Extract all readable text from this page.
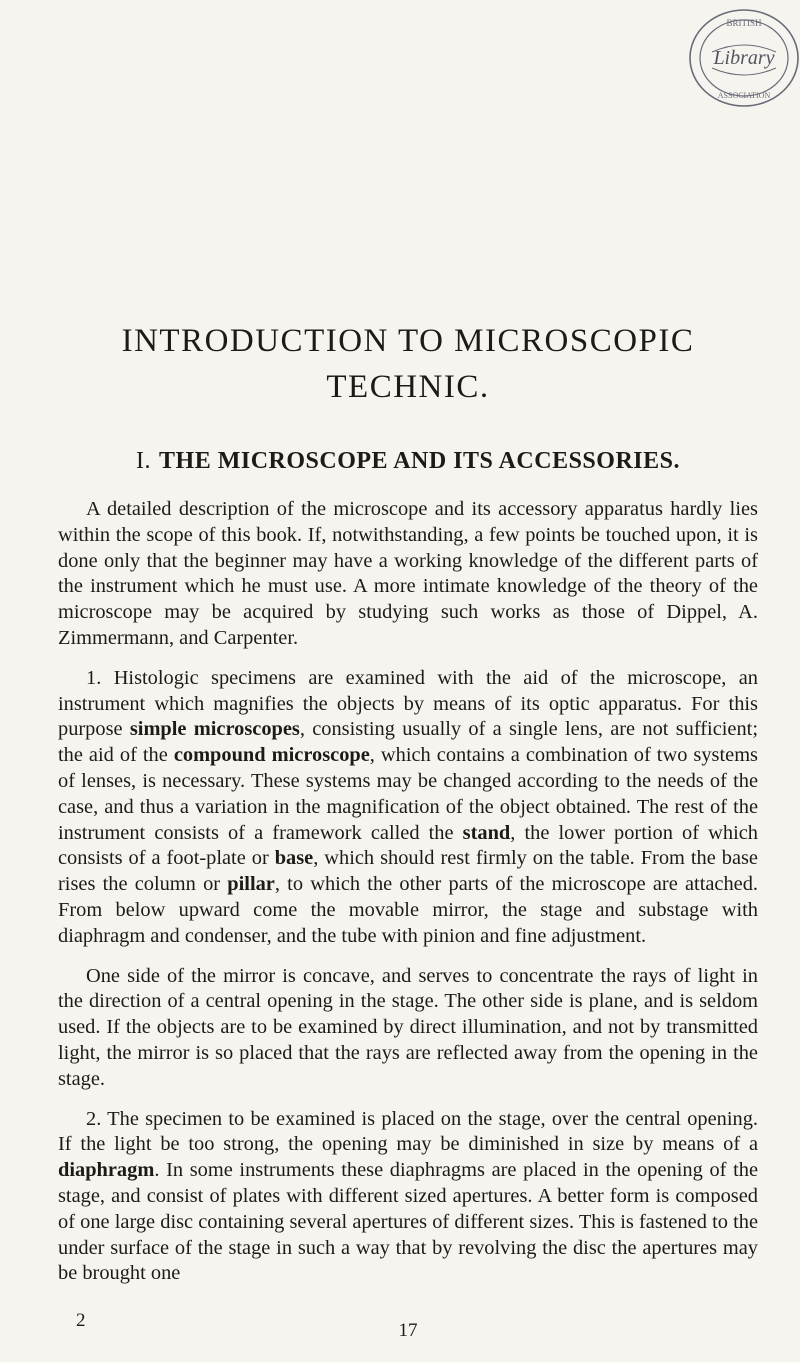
Library
BRITISH
ASSOCIATION
INTRODUCTION TO MICROSCOPIC
TECHNIC.
I. THE MICROSCOPE AND ITS ACCESSORIES.

A detailed description of the microscope and its accessory apparatus hardly lies within the scope of this book. If, notwithstanding, a few points be touched upon, it is done only that the beginner may have a working knowledge of the different parts of the instrument which he must use. A more intimate knowledge of the theory of the microscope may be acquired by studying such works as those of Dippel, A. Zimmermann, and Carpenter.

1. Histologic specimens are examined with the aid of the microscope, an instrument which magnifies the objects by means of its optic apparatus. For this purpose simple microscopes, consisting usually of a single lens, are not sufficient; the aid of the compound microscope, which contains a combination of two systems of lenses, is necessary. These systems may be changed according to the needs of the case, and thus a variation in the magnification of the object obtained. The rest of the instrument consists of a framework called the stand, the lower portion of which consists of a foot-plate or base, which should rest firmly on the table. From the base rises the column or pillar, to which the other parts of the microscope are attached. From below upward come the movable mirror, the stage and substage with diaphragm and condenser, and the tube with pinion and fine adjustment.

One side of the mirror is concave, and serves to concentrate the rays of light in the direction of a central opening in the stage. The other side is plane, and is seldom used. If the objects are to be examined by direct illumination, and not by transmitted light, the mirror is so placed that the rays are reflected away from the opening in the stage.

2. The specimen to be examined is placed on the stage, over the central opening. If the light be too strong, the opening may be diminished in size by means of a diaphragm. In some instruments these diaphragms are placed in the opening of the stage, and consist of plates with different sized apertures. A better form is composed of one large disc containing several apertures of different sizes. This is fastened to the under surface of the stage in such a way that by revolving the disc the apertures may be brought one

2	17
